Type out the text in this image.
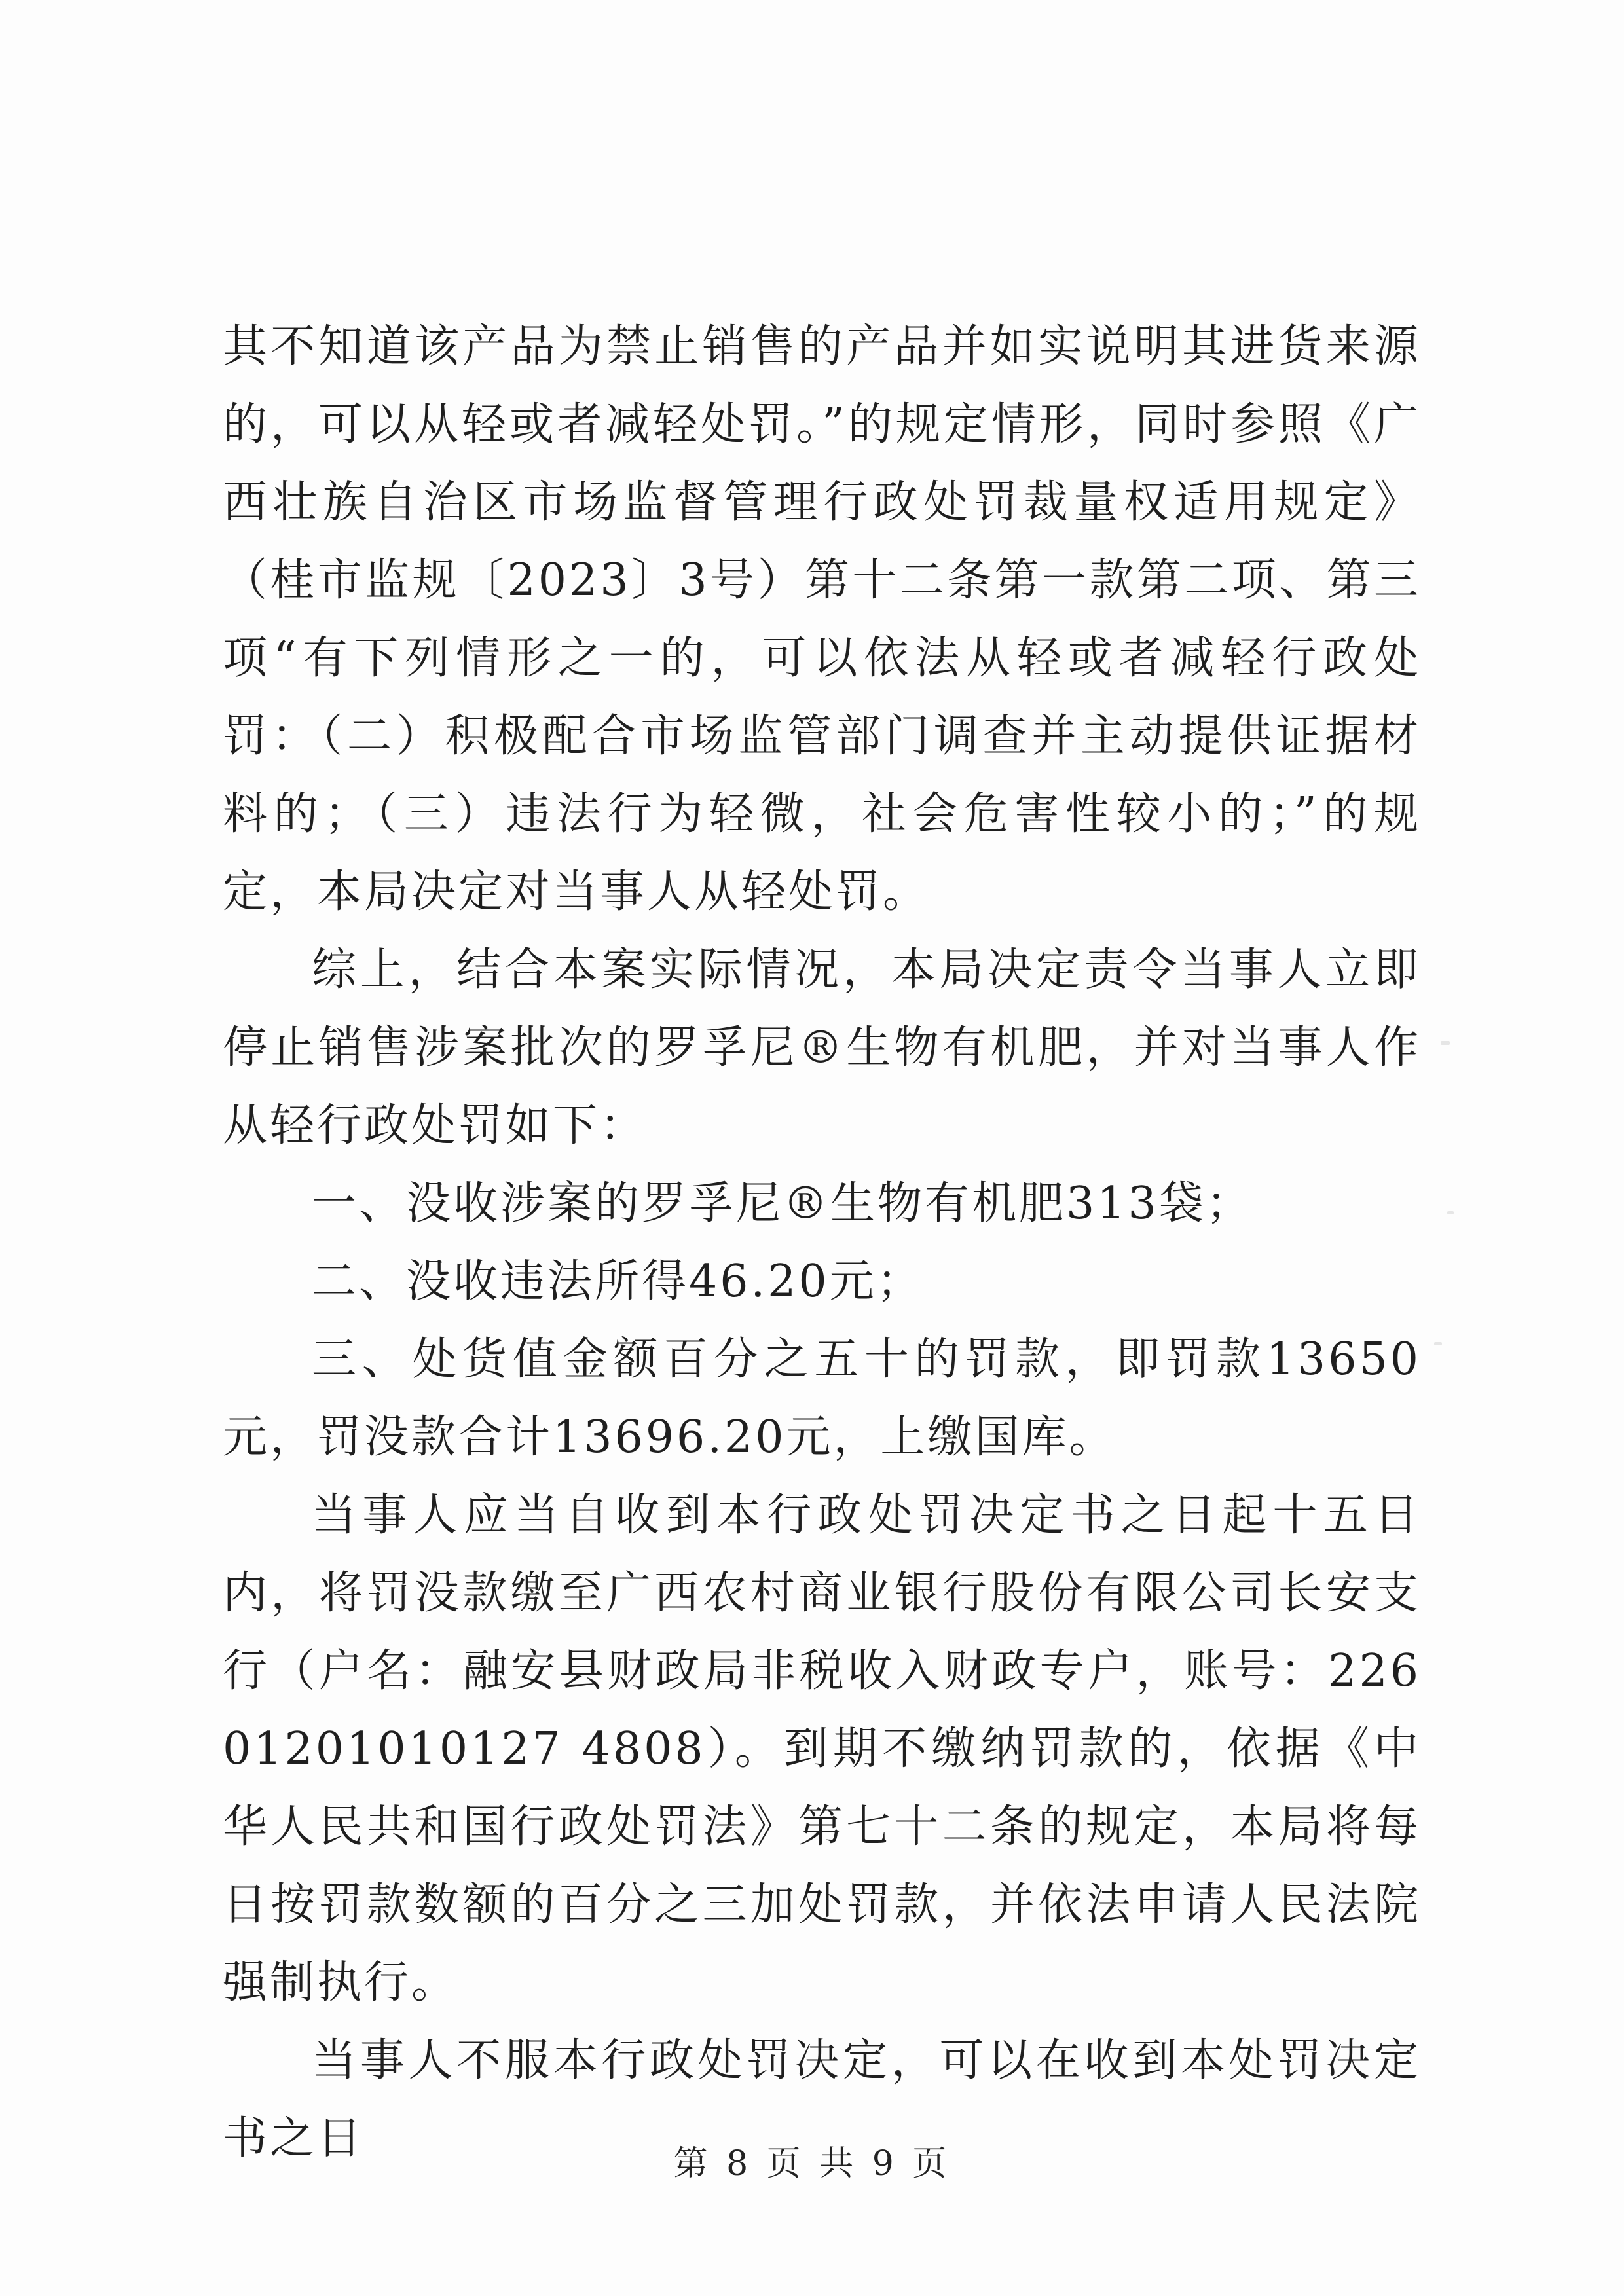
其不知道该产品为禁止销售的产品并如实说明其进货来源的，可以从轻或者减轻处罚。”的规定情形，同时参照《广西壮族自治区市场监督管理行政处罚裁量权适用规定》（桂市监规〔2023〕3号）第十二条第一款第二项、第三项“有下列情形之一的，可以依法从轻或者减轻行政处罚：（二）积极配合市场监管部门调查并主动提供证据材料的；（三）违法行为轻微，社会危害性较小的；”的规定，本局决定对当事人从轻处罚。

综上，结合本案实际情况，本局决定责令当事人立即停止销售涉案批次的罗孚尼®生物有机肥，并对当事人作从轻行政处罚如下：

一、没收涉案的罗孚尼®生物有机肥313袋；

二、没收违法所得46.20元；

三、处货值金额百分之五十的罚款，即罚款13650元，罚没款合计13696.20元，上缴国库。

当事人应当自收到本行政处罚决定书之日起十五日内，将罚没款缴至广西农村商业银行股份有限公司长安支行（户名：融安县财政局非税收入财政专户，账号：22601201010127 4808）。到期不缴纳罚款的，依据《中华人民共和国行政处罚法》第七十二条的规定，本局将每日按罚款数额的百分之三加处罚款，并依法申请人民法院强制执行。

当事人不服本行政处罚决定，可以在收到本处罚决定书之日	第 8 页 共 9 页
